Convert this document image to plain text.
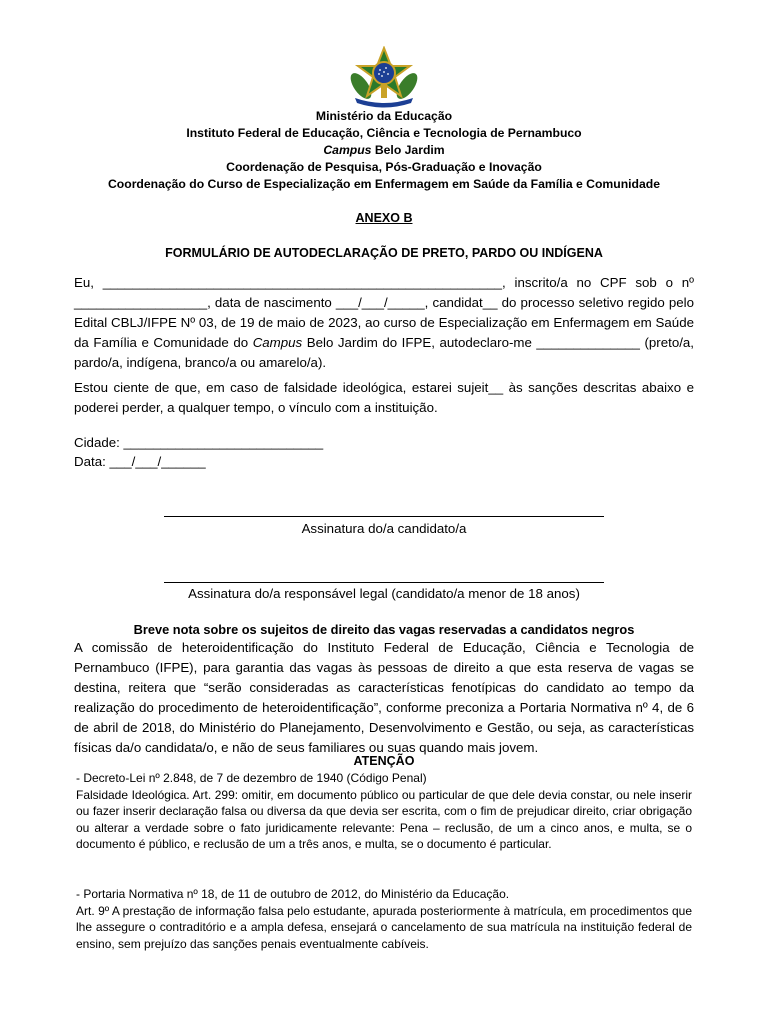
Ministério da Educação
Instituto Federal de Educação, Ciência e Tecnologia de Pernambuco
Campus Belo Jardim
Coordenação de Pesquisa, Pós-Graduação e Inovação
Coordenação do Curso de Especialização em Enfermagem em Saúde da Família e Comunidade
ANEXO B
FORMULÁRIO DE AUTODECLARAÇÃO DE PRETO, PARDO OU INDÍGENA
Eu, ______________________________________________________, inscrito/a no CPF sob o nº __________________, data de nascimento ___/___/_____, candidat__ do processo seletivo regido pelo Edital CBLJ/IFPE Nº 03, de 19 de maio de 2023, ao curso de Especialização em Enfermagem em Saúde da Família e Comunidade do Campus Belo Jardim do IFPE, autodeclaro-me ______________ (preto/a, pardo/a, indígena, branco/a ou amarelo/a).
Estou ciente de que, em caso de falsidade ideológica, estarei sujeit__ às sanções descritas abaixo e poderei perder, a qualquer tempo, o vínculo com a instituição.
Cidade: ___________________________
Data: ___/___/______
Assinatura do/a candidato/a
Assinatura do/a responsável legal (candidato/a menor de 18 anos)
Breve nota sobre os sujeitos de direito das vagas reservadas a candidatos negros
A comissão de heteroidentificação do Instituto Federal de Educação, Ciência e Tecnologia de Pernambuco (IFPE), para garantia das vagas às pessoas de direito a que esta reserva de vagas se destina, reitera que “serão consideradas as características fenotípicas do candidato ao tempo da realização do procedimento de heteroidentificação”, conforme preconiza a Portaria Normativa nº 4, de 6 de abril de 2018, do Ministério do Planejamento, Desenvolvimento e Gestão, ou seja, as características físicas da/o candidata/o, e não de seus familiares ou suas quando mais jovem.
ATENÇÃO
- Decreto-Lei nº 2.848, de 7 de dezembro de 1940 (Código Penal)
Falsidade Ideológica. Art. 299: omitir, em documento público ou particular de que dele devia constar, ou nele inserir ou fazer inserir declaração falsa ou diversa da que devia ser escrita, com o fim de prejudicar direito, criar obrigação ou alterar a verdade sobre o fato juridicamente relevante: Pena – reclusão, de um a cinco anos, e multa, se o documento é público, e reclusão de um a três anos, e multa, se o documento é particular.
- Portaria Normativa nº 18, de 11 de outubro de 2012, do Ministério da Educação.
Art. 9º A prestação de informação falsa pelo estudante, apurada posteriormente à matrícula, em procedimentos que lhe assegure o contraditório e a ampla defesa, ensejará o cancelamento de sua matrícula na instituição federal de ensino, sem prejuízo das sanções penais eventualmente cabíveis.
